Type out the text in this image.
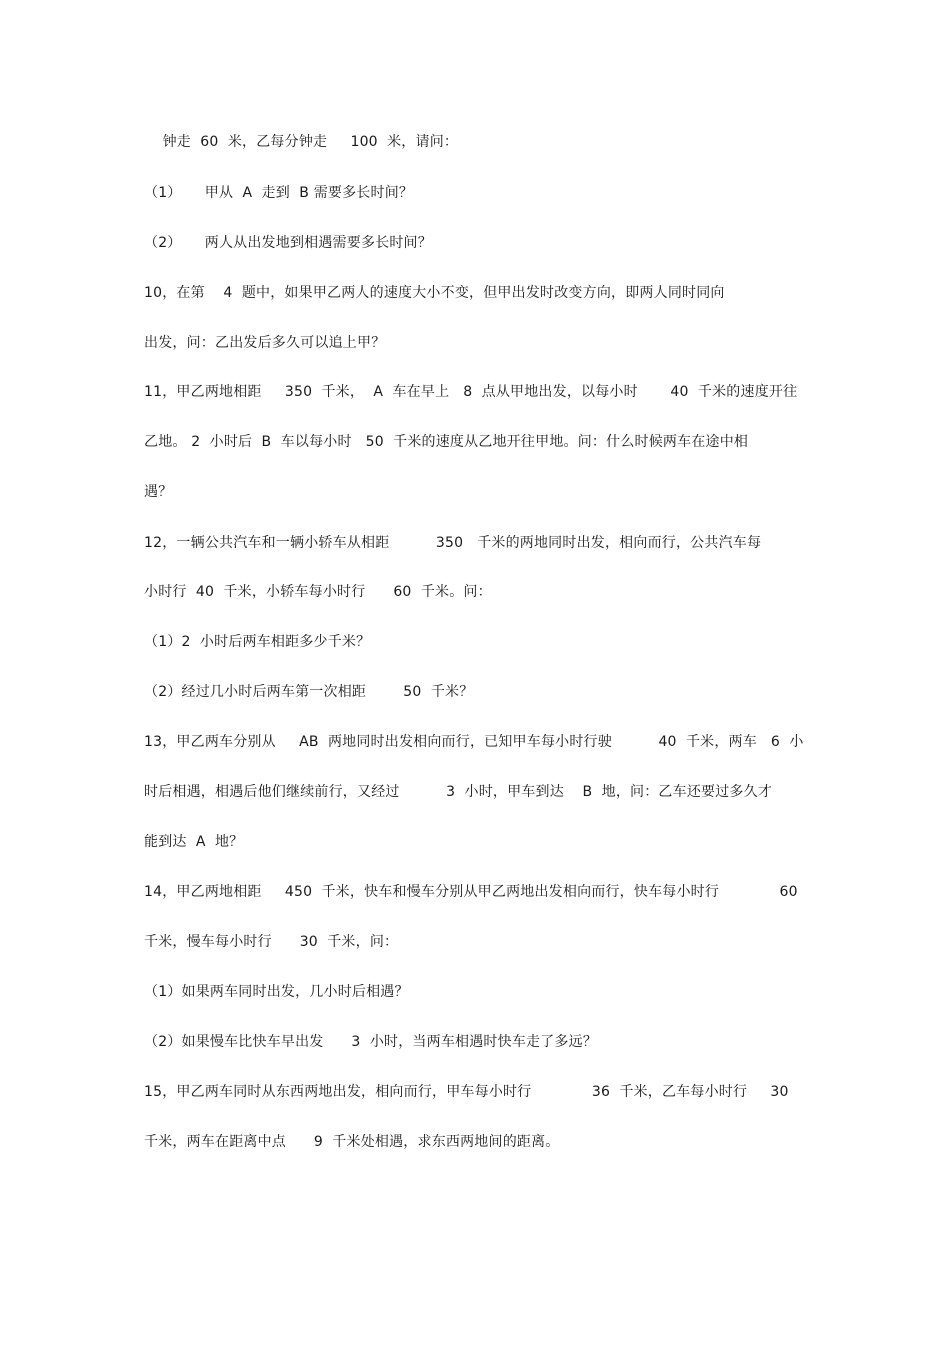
钟走  60  米，乙每分钟走     100  米，请问：
（1）     甲从  A  走到  B 需要多长时间？
（2）     两人从出发地到相遇需要多长时间？
10，在第    4  题中，如果甲乙两人的速度大小不变，但甲出发时改变方向，即两人同时同向
出发，问：乙出发后多久可以追上甲？
11，甲乙两地相距     350  千米，  A  车在早上   8  点从甲地出发，以每小时       40  千米的速度开往
乙地。 2  小时后  B  车以每小时   50  千米的速度从乙地开往甲地。问：什么时候两车在途中相
遇？
12，一辆公共汽车和一辆小轿车从相距          350   千米的两地同时出发，相向而行，公共汽车每
小时行  40  千米，小轿车每小时行      60  千米。问：
（1）2  小时后两车相距多少千米？
（2）经过几小时后两车第一次相距        50  千米？
13，甲乙两车分别从     AB  两地同时出发相向而行，已知甲车每小时行驶          40  千米，两车   6  小
时后相遇，相遇后他们继续前行，又经过          3  小时，甲车到达    B  地，问：乙车还要过多久才
能到达  A  地？
14，甲乙两地相距     450  千米，快车和慢车分别从甲乙两地出发相向而行，快车每小时行             60
千米，慢车每小时行      30  千米，问：
（1）如果两车同时出发，几小时后相遇？
（2）如果慢车比快车早出发      3  小时，当两车相遇时快车走了多远？
15，甲乙两车同时从东西两地出发，相向而行，甲车每小时行             36  千米，乙车每小时行     30
千米，两车在距离中点      9  千米处相遇，求东西两地间的距离。
